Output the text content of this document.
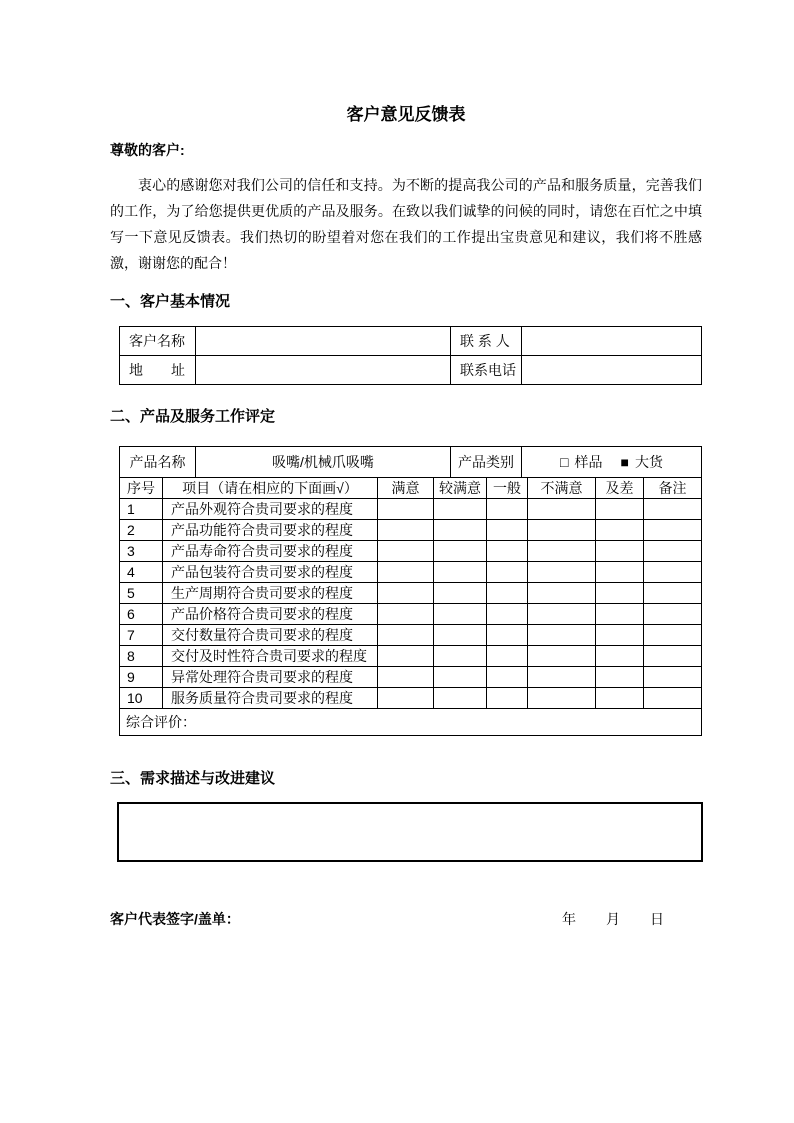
客户意见反馈表

尊敬的客户:

衷心的感谢您对我们公司的信任和支持。为不断的提高我公司的产品和服务质量，完善我们的工作，为了给您提供更优质的产品及服务。在致以我们诚挚的问候的同时，请您在百忙之中填写一下意见反馈表。我们热切的盼望着对您在我们的工作提出宝贵意见和建议，我们将不胜感激，谢谢您的配合！

一、客户基本情况
客户名称		联 系 人	
地　　址		联系电话	
二、产品及服务工作评定
产品名称	吸嘴/机械爪吸嘴	产品类别	□ 样品 ■ 大货
序号	项目（请在相应的下面画√）	满意	较满意	一般	不满意	及差	备注
1	产品外观符合贵司要求的程度						
2	产品功能符合贵司要求的程度						
3	产品寿命符合贵司要求的程度						
4	产品包装符合贵司要求的程度						
5	生产周期符合贵司要求的程度						
6	产品价格符合贵司要求的程度						
7	交付数量符合贵司要求的程度						
8	交付及时性符合贵司要求的程度						
9	异常处理符合贵司要求的程度						
10	服务质量符合贵司要求的程度						
综合评价：							
三、需求描述与改进建议
客户代表签字/盖单：	年 月 日
